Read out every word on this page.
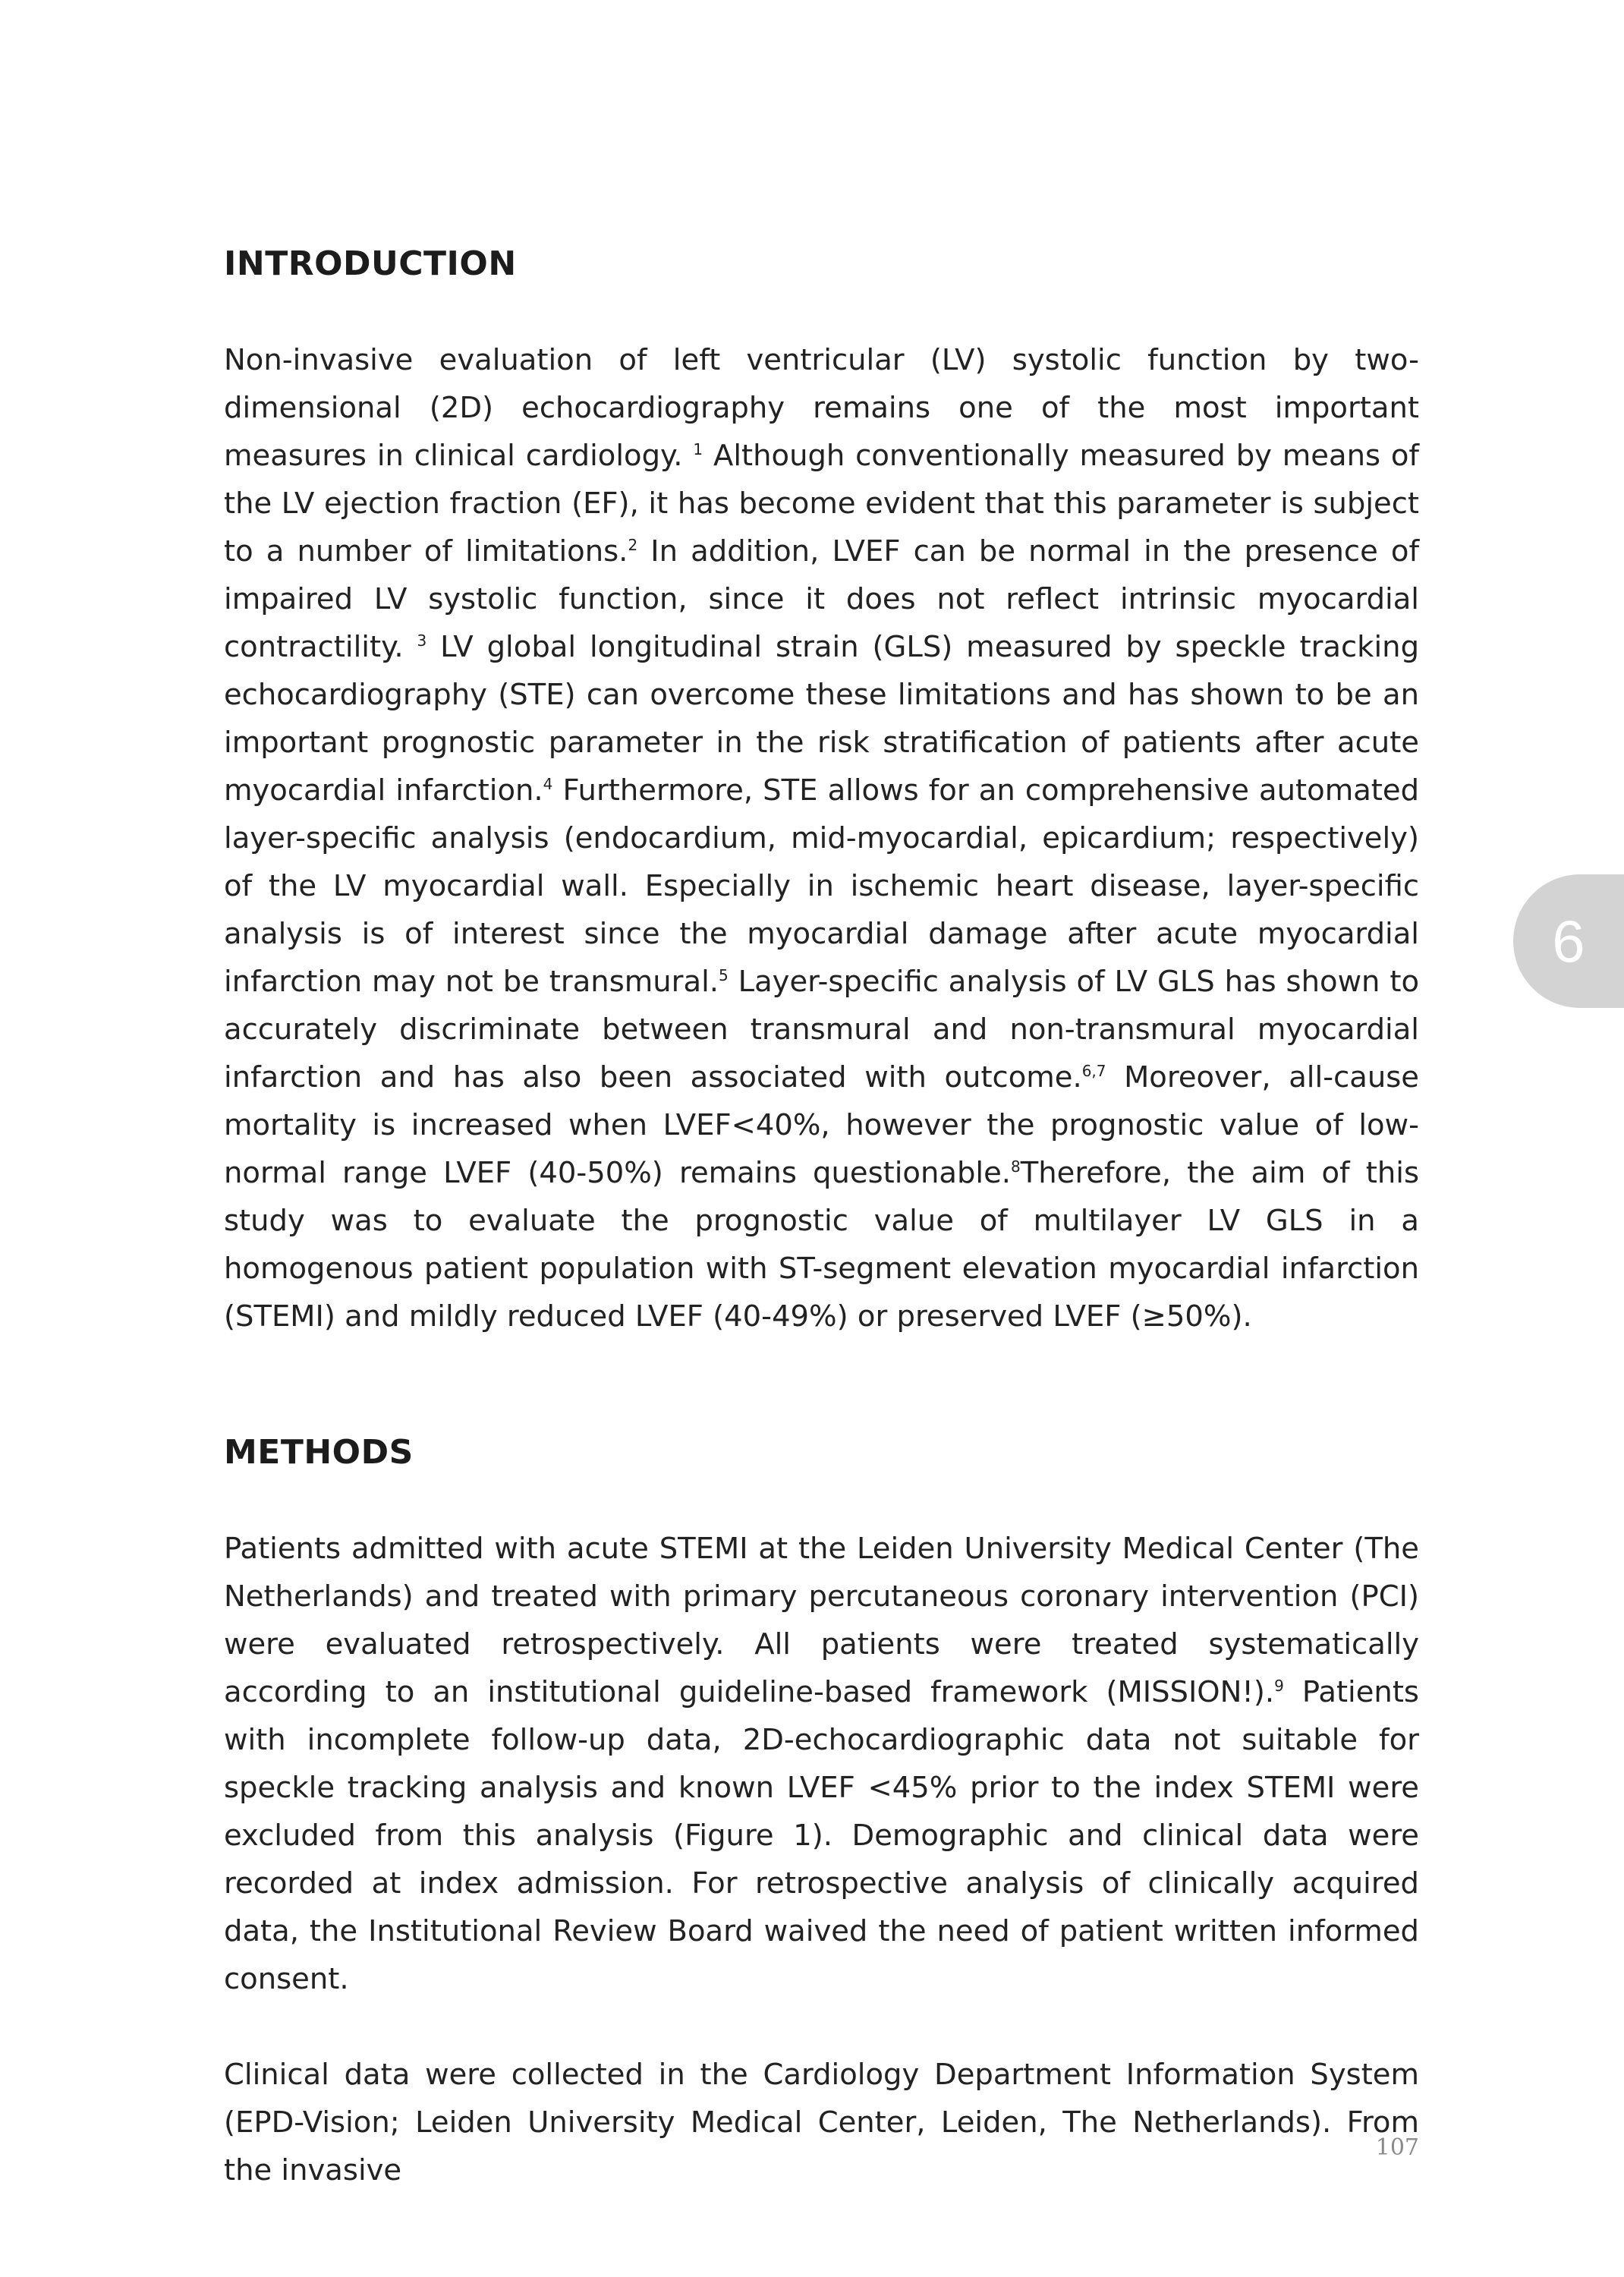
INTRODUCTION

Non-invasive evaluation of left ventricular (LV) systolic function by two-dimensional (2D) echocardiography remains one of the most important measures in clinical cardiology. $^1$ Although conventionally measured by means of the LV ejection fraction (EF), it has become evident that this parameter is subject to a number of limitations.$^2$ In addition, LVEF can be normal in the presence of impaired LV systolic function, since it does not reflect intrinsic myocardial contractility. $^3$ LV global longitudinal strain (GLS) measured by speckle tracking echocardiography (STE) can overcome these limitations and has shown to be an important prognostic parameter in the risk stratification of patients after acute myocardial infarction.$^4$ Furthermore, STE allows for an comprehensive automated layer-specific analysis (endocardium, mid-myocardial, epicardium; respectively) of the LV myocardial wall. Especially in ischemic heart disease, layer-specific analysis is of interest since the myocardial damage after acute myocardial infarction may not be transmural.$^5$ Layer-specific analysis of LV GLS has shown to accurately discriminate between transmural and non-transmural myocardial infarction and has also been associated with outcome.$^{6,7}$ Moreover, all-cause mortality is increased when LVEF<40%, however the prognostic value of low-normal range LVEF (40-50%) remains questionable.$^8$Therefore, the aim of this study was to evaluate the prognostic value of multilayer LV GLS in a homogenous patient population with ST-segment elevation myocardial infarction (STEMI) and mildly reduced LVEF (40-49%) or preserved LVEF (≥50%).

METHODS

Patients admitted with acute STEMI at the Leiden University Medical Center (The Netherlands) and treated with primary percutaneous coronary intervention (PCI) were evaluated retrospectively. All patients were treated systematically according to an institutional guideline-based framework (MISSION!).$^9$ Patients with incomplete follow-up data, 2D-echocardiographic data not suitable for speckle tracking analysis and known LVEF <45% prior to the index STEMI were excluded from this analysis (Figure 1). Demographic and clinical data were recorded at index admission. For retrospective analysis of clinically acquired data, the Institutional Review Board waived the need of patient written informed consent.

Clinical data were collected in the Cardiology Department Information System (EPD-Vision; Leiden University Medical Center, Leiden, The Netherlands). From the invasive

6
107
